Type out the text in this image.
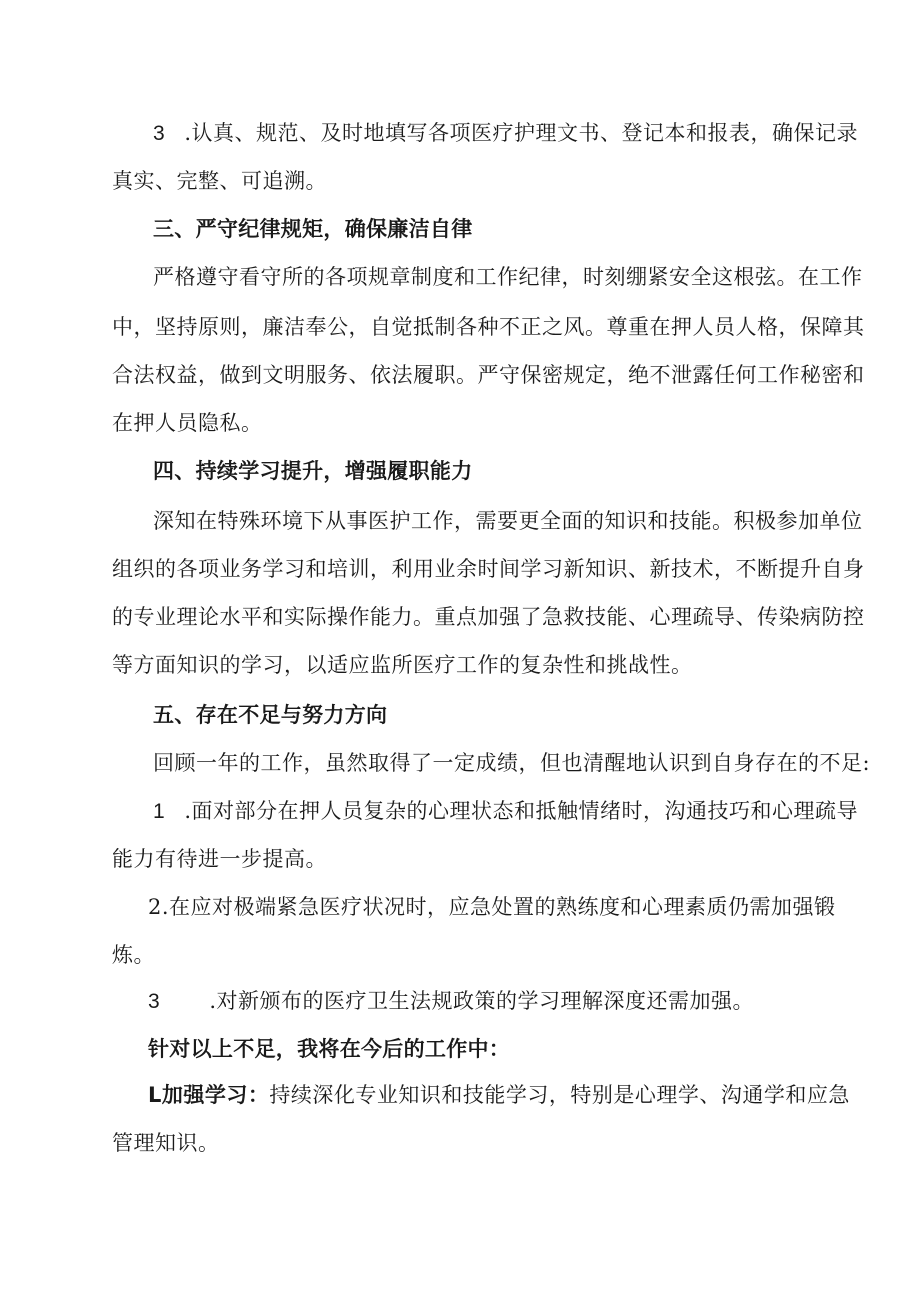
3 .认真、规范、及时地填写各项医疗护理文书、登记本和报表，确保记录
真实、完整、可追溯。
三、严守纪律规矩，确保廉洁自律
严格遵守看守所的各项规章制度和工作纪律，时刻绷紧安全这根弦。在工作
中，坚持原则，廉洁奉公，自觉抵制各种不正之风。尊重在押人员人格，保障其
合法权益，做到文明服务、依法履职。严守保密规定，绝不泄露任何工作秘密和
在押人员隐私。
四、持续学习提升，增强履职能力
深知在特殊环境下从事医护工作，需要更全面的知识和技能。积极参加单位
组织的各项业务学习和培训，利用业余时间学习新知识、新技术，不断提升自身
的专业理论水平和实际操作能力。重点加强了急救技能、心理疏导、传染病防控
等方面知识的学习，以适应监所医疗工作的复杂性和挑战性。
五、存在不足与努力方向
回顾一年的工作，虽然取得了一定成绩，但也清醒地认识到自身存在的不足:
1 .面对部分在押人员复杂的心理状态和抵触情绪时，沟通技巧和心理疏导
能力有待进一步提高。
2.在应对极端紧急医疗状况时，应急处置的熟练度和心理素质仍需加强锻
炼。
3 .对新颁布的医疗卫生法规政策的学习理解深度还需加强。
针对以上不足，我将在今后的工作中：
L加强学习：持续深化专业知识和技能学习，特别是心理学、沟通学和应急
管理知识。
